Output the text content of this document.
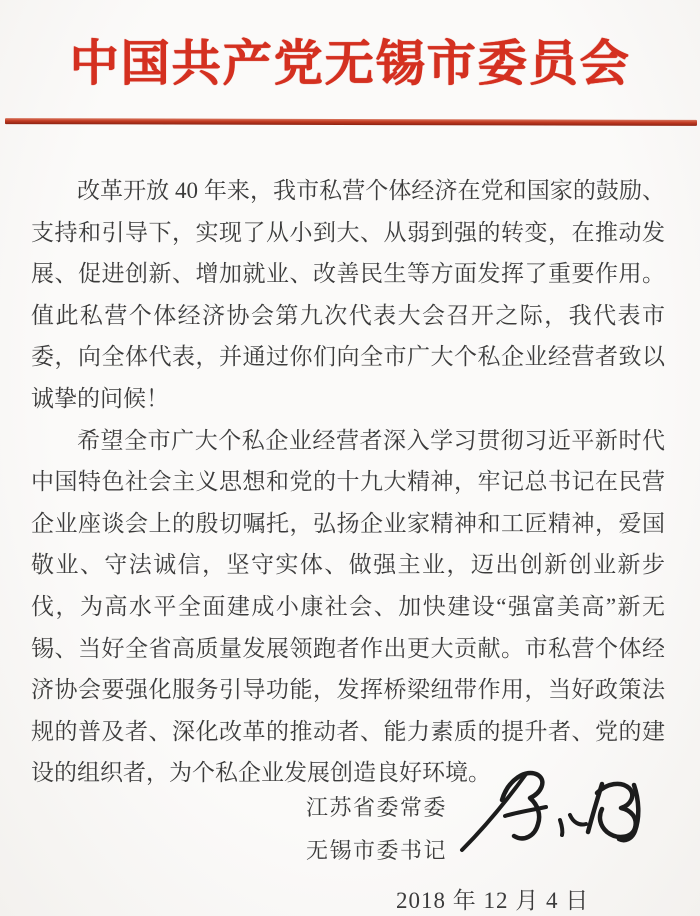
中国共产党无锡市委员会

改革开放 40 年来，我市私营个体经济在党和国家的鼓励、支持和引导下，实现了从小到大、从弱到强的转变，在推动发展、促进创新、增加就业、改善民生等方面发挥了重要作用。值此私营个体经济协会第九次代表大会召开之际，我代表市委，向全体代表，并通过你们向全市广大个私企业经营者致以诚挚的问候！

希望全市广大个私企业经营者深入学习贯彻习近平新时代中国特色社会主义思想和党的十九大精神，牢记总书记在民营企业座谈会上的殷切嘱托，弘扬企业家精神和工匠精神，爱国敬业、守法诚信，坚守实体、做强主业，迈出创新创业新步伐，为高水平全面建成小康社会、加快建设“强富美高”新无锡、当好全省高质量发展领跑者作出更大贡献。市私营个体经济协会要强化服务引导功能，发挥桥梁纽带作用，当好政策法规的普及者、深化改革的推动者、能力素质的提升者、党的建设的组织者，为个私企业发展创造良好环境。

江苏省委常委
无锡市委书记
2018 年 12 月 4 日
